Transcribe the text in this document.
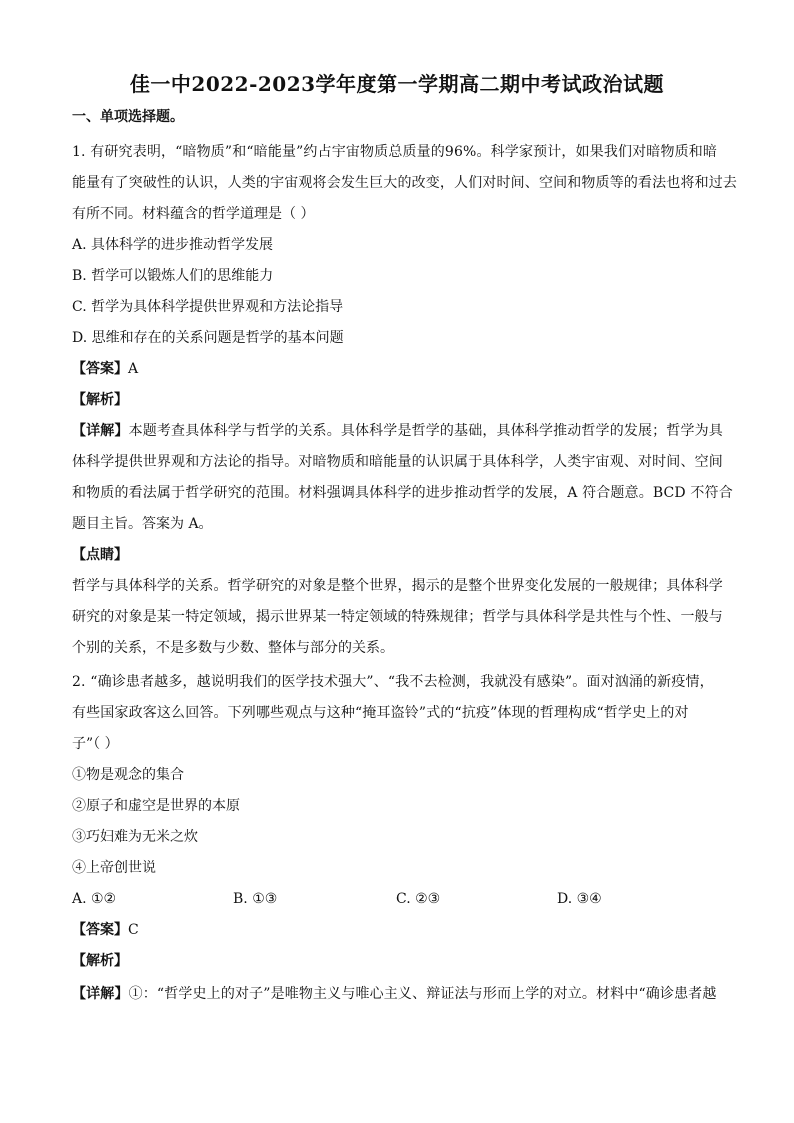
佳一中2022-2023学年度第一学期高二期中考试政治试题
一、单项选择题。
1. 有研究表明，“暗物质”和“暗能量”约占宇宙物质总质量的96%。科学家预计，如果我们对暗物质和暗
能量有了突破性的认识，人类的宇宙观将会发生巨大的改变，人们对时间、空间和物质等的看法也将和过去
有所不同。材料蕴含的哲学道理是（ ）
A. 具体科学的进步推动哲学发展
B. 哲学可以锻炼人们的思维能力
C. 哲学为具体科学提供世界观和方法论指导
D. 思维和存在的关系问题是哲学的基本问题
【答案】A
【解析】
【详解】本题考查具体科学与哲学的关系。具体科学是哲学的基础，具体科学推动哲学的发展；哲学为具
体科学提供世界观和方法论的指导。对暗物质和暗能量的认识属于具体科学，人类宇宙观、对时间、空间
和物质的看法属于哲学研究的范围。材料强调具体科学的进步推动哲学的发展，A 符合题意。BCD 不符合
题目主旨。答案为 A。
【点睛】
哲学与具体科学的关系。哲学研究的对象是整个世界，揭示的是整个世界变化发展的一般规律；具体科学
研究的对象是某一特定领域，揭示世界某一特定领域的特殊规律；哲学与具体科学是共性与个性、一般与
个别的关系，不是多数与少数、整体与部分的关系。
2. “确诊患者越多，越说明我们的医学技术强大”、“我不去检测，我就没有感染”。面对汹涌的新疫情，
有些国家政客这么回答。下列哪些观点与这种“掩耳盗铃”式的“抗疫”体现的哲理构成“哲学史上的对
子”（ ）
①物是观念的集合
②原子和虚空是世界的本原
③巧妇难为无米之炊
④上帝创世说
A. ①②	B. ①③	C. ②③	D. ③④
【答案】C
【解析】
【详解】①：“哲学史上的对子”是唯物主义与唯心主义、辩证法与形而上学的对立。材料中“确诊患者越
